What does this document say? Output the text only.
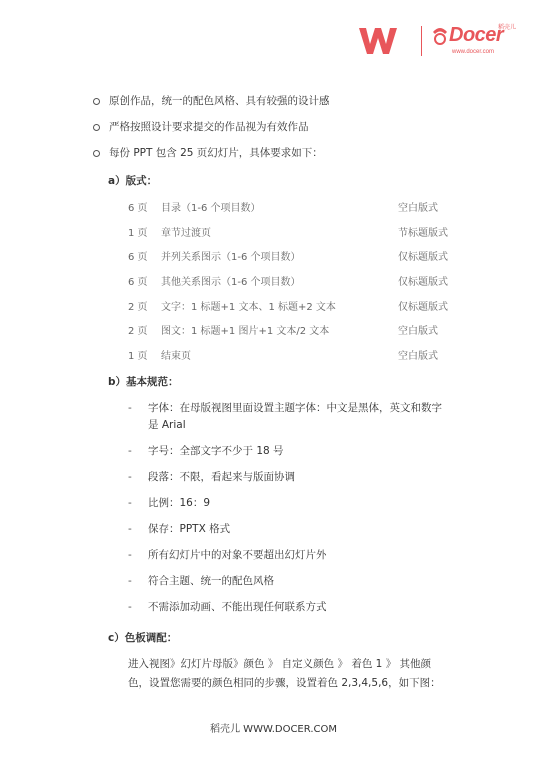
Docer
稻壳儿
www.docer.com
原创作品，统一的配色风格、具有较强的设计感
严格按照设计要求提交的作品视为有效作品
每份 PPT 包含 25 页幻灯片，具体要求如下：
a）版式：
6 页 目录（1-6 个项目数）	空白版式
1 页 章节过渡页	节标题版式
6 页 并列关系图示（1-6 个项目数）	仅标题版式
6 页 其他关系图示（1-6 个项目数）	仅标题版式
2 页 文字：1 标题+1 文本、1 标题+2 文本	仅标题版式
2 页 图文：1 标题+1 图片+1 文本/2 文本	空白版式
1 页 结束页	空白版式
b）基本规范：
- 字体：在母版视图里面设置主题字体：中文是黑体，英文和数字
是 Arial
- 字号：全部文字不少于 18 号
- 段落：不限，看起来与版面协调
- 比例：16：9
- 保存：PPTX 格式
- 所有幻灯片中的对象不要超出幻灯片外
- 符合主题、统一的配色风格
- 不需添加动画、不能出现任何联系方式
c）色板调配：
进入视图》幻灯片母版》颜色 》 自定义颜色 》 着色 1 》 其他颜
色，设置您需要的颜色相同的步骤，设置着色 2,3,4,5,6，如下图：
稻壳儿 WWW.DOCER.COM
